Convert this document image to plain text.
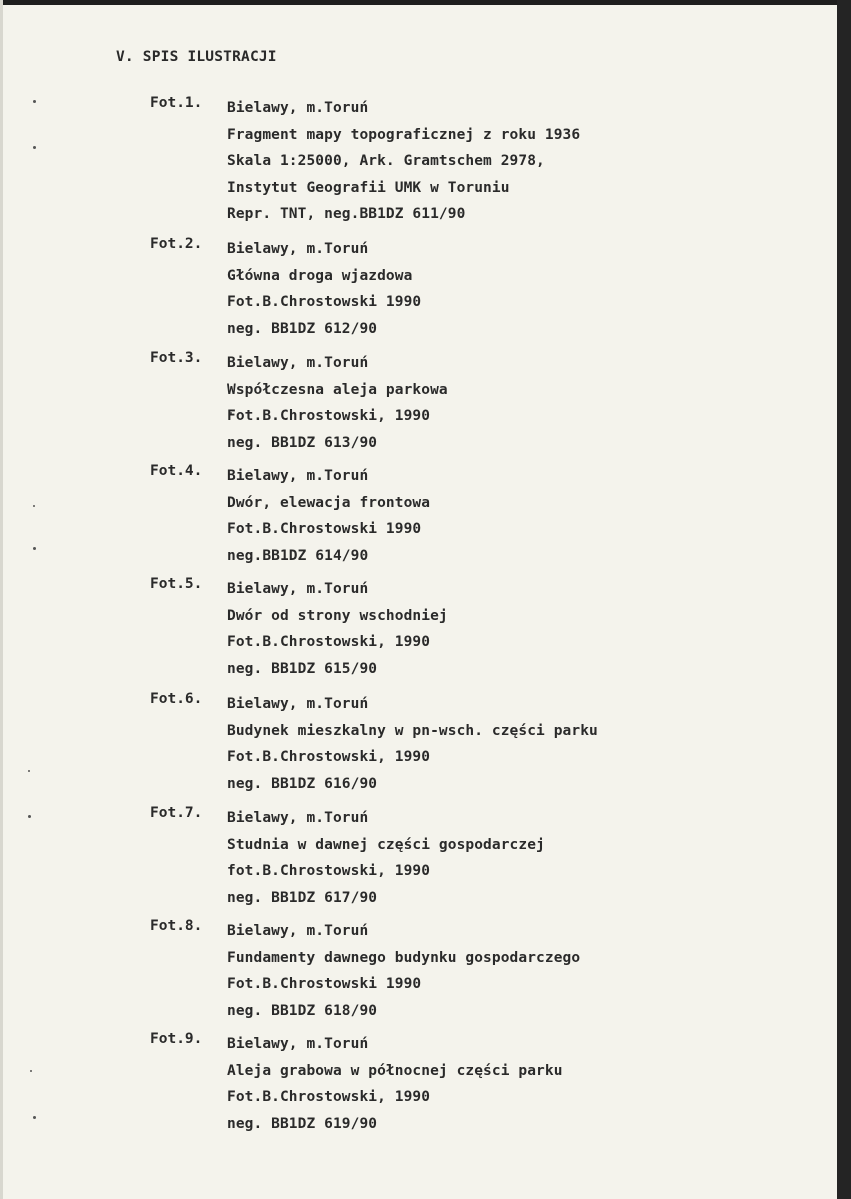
V. SPIS ILUSTRACJI
Fot.1. Bielawy, m.Toruń
Fragment mapy topograficznej z roku 1936
Skala 1:25000, Ark. Gramtschem 2978,
Instytut Geografii UMK w Toruniu
Repr. TNT, neg.BB1DZ 611/90
Fot.2. Bielawy, m.Toruń
Główna droga wjazdowa
Fot.B.Chrostowski 1990
neg. BB1DZ 612/90
Fot.3. Bielawy, m.Toruń
Współczesna aleja parkowa
Fot.B.Chrostowski, 1990
neg. BB1DZ 613/90
Fot.4. Bielawy, m.Toruń
Dwór, elewacja frontowa
Fot.B.Chrostowski 1990
neg.BB1DZ 614/90
Fot.5. Bielawy, m.Toruń
Dwór od strony wschodniej
Fot.B.Chrostowski, 1990
neg. BB1DZ 615/90
Fot.6. Bielawy, m.Toruń
Budynek mieszkalny w pn-wsch. części parku
Fot.B.Chrostowski, 1990
neg. BB1DZ 616/90
Fot.7. Bielawy, m.Toruń
Studnia w dawnej części gospodarczej
fot.B.Chrostowski, 1990
neg. BB1DZ 617/90
Fot.8. Bielawy, m.Toruń
Fundamenty dawnego budynku gospodarczego
Fot.B.Chrostowski 1990
neg. BB1DZ 618/90
Fot.9. Bielawy, m.Toruń
Aleja grabowa w północnej części parku
Fot.B.Chrostowski, 1990
neg. BB1DZ 619/90
